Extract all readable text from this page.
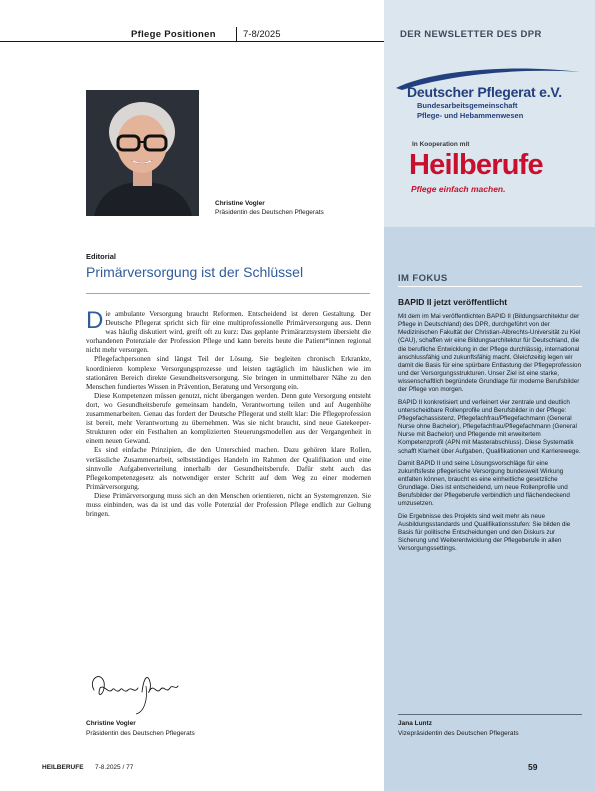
Pflege Positionen	7-8/2025	DER NEWSLETTER DES DPR
Deutscher Pflegerat e.V.
Bundesarbeitsgemeinschaft
Pflege- und Hebammenwesen
In Kooperation mit
Heilberufe
Pflege einfach machen.
IM FOKUS
BAPID II jetzt veröffentlicht

Mit dem im Mai veröffentlichten BAPID II (Bildungsarchitektur der Pflege in Deutschland) des DPR, durchgeführt von der Medizinischen Fakultät der Christian-Albrechts-Universität zu Kiel (CAU), schaffen wir eine Bildungsarchitektur für Deutschland, die die berufliche Entwicklung in der Pflege durchlässig, international anschlussfähig und zukunftsfähig macht. Gleichzeitig legen wir damit die Basis für eine spürbare Entlastung der Pflegeprofession und der Versorgungsstrukturen. Unser Ziel ist eine starke, wissenschaftlich begründete Grundlage für moderne Berufsbilder der Pflege von morgen.

BAPID II konkretisiert und verfeinert vier zentrale und deutlich unterscheidbare Rollenprofile und Berufsbilder in der Pflege: Pflegefachassistenz, Pflegefachfrau/Pflegefachmann (General Nurse ohne Bachelor), Pflegefachfrau/Pflegefachmann (General Nurse mit Bachelor) und Pflegende mit erweitertem Kompetenzprofil (APN mit Masterabschluss). Diese Systematik schafft Klarheit über Aufgaben, Qualifikationen und Karrierewege.

Damit BAPID II und seine Lösungsvorschläge für eine zukunftsfeste pflegerische Versorgung bundesweit Wirkung entfalten können, braucht es eine einheitliche gesetzliche Grundlage. Dies ist entscheidend, um neue Rollenprofile und Berufsbilder der Pflegeberufe verbindlich und flächendeckend umzusetzen.

Die Ergebnisse des Projekts sind weit mehr als neue Ausbildungsstandards und Qualifikationsstufen: Sie bilden die Basis für politische Entscheidungen und den Diskurs zur Sicherung und Weiterentwicklung der Pflegeberufe in allen Versorgungssettings.

Jana Luntz
Vizepräsidentin des Deutschen Pflegerats
Christine Vogler
Präsidentin des Deutschen Pflegerats
Editorial
Primärversorgung ist der Schlüssel

Die ambulante Versorgung braucht Reformen. Entscheidend ist deren Gestaltung. Der Deutsche Pflegerat spricht sich für eine multiprofessionelle Primärversorgung aus. Denn was häufig diskutiert wird, greift oft zu kurz: Das geplante Primärarztsystem übersieht die vorhandenen Potenziale der Profession Pflege und kann bereits heute die Patient*innen regional nicht mehr versorgen.

Pflegefachpersonen sind längst Teil der Lösung. Sie begleiten chronisch Erkrankte, koordinieren komplexe Versorgungsprozesse und leisten tagtäglich im häuslichen wie im stationären Bereich direkte Gesundheitsversorgung. Sie bringen in unmittelbarer Nähe zu den Menschen fundiertes Wissen in Prävention, Beratung und Versorgung ein.

Diese Kompetenzen müssen genutzt, nicht übergangen werden. Denn gute Versorgung entsteht dort, wo Gesundheitsberufe gemeinsam handeln, Verantwortung teilen und auf Augenhöhe zusammenarbeiten. Genau das fordert der Deutsche Pflegerat und stellt klar: Die Pflegeprofession ist bereit, mehr Verantwortung zu übernehmen. Was sie nicht braucht, sind neue Gatekeeper-Strukturen oder ein Festhalten an komplizierten Steuerungsmodellen aus der Vergangenheit in einem neuen Gewand.

Es sind einfache Prinzipien, die den Unterschied machen. Dazu gehören klare Rollen, verlässliche Zusammenarbeit, selbstständiges Handeln im Rahmen der Qualifikation und eine sinnvolle Aufgabenverteilung innerhalb der Gesundheitsberufe. Dafür steht auch das Pflegekompetenzgesetz als notwendiger erster Schritt auf dem Weg zu einer modernen Primärversorgung.

Diese Primärversorgung muss sich an den Menschen orientieren, nicht an Systemgrenzen. Sie muss einbinden, was da ist und das volle Potenzial der Profession Pflege endlich zur Geltung bringen.

Christine Vogler
Präsidentin des Deutschen Pflegerats
HEILBERUFE 7-8.2025 / 77	59
